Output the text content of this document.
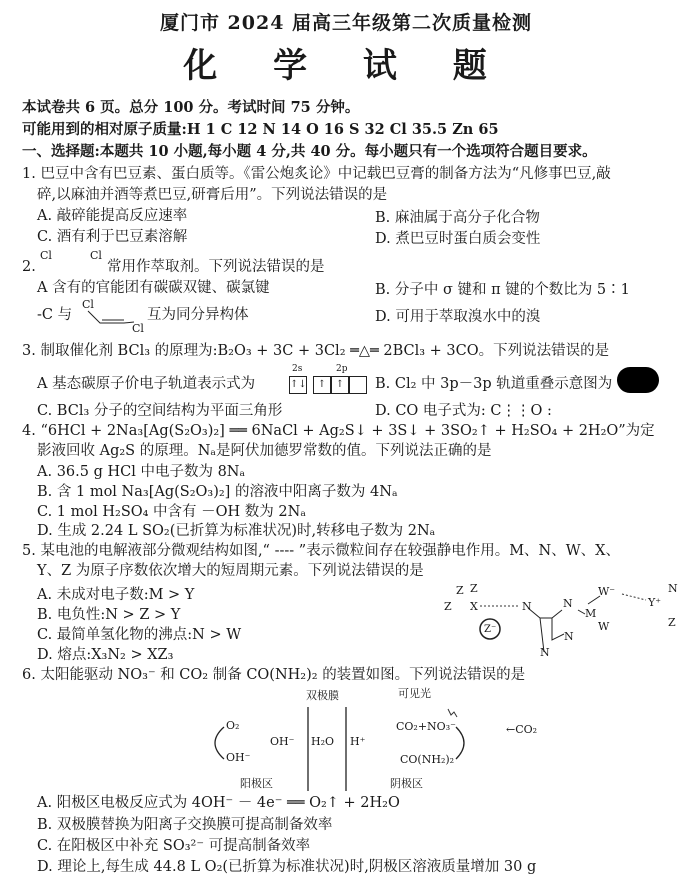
厦门市 2024 届高三年级第二次质量检测
化 学 试 题
本试卷共 6 页。总分 100 分。考试时间 75 分钟。
可能用到的相对原子质量:H 1 C 12 N 14 O 16 S 32 Cl 35.5 Zn 65
一、选择题:本题共 10 小题,每小题 4 分,共 40 分。每小题只有一个选项符合题目要求。
1. 巴豆中含有巴豆素、蛋白质等。《雷公炮炙论》中记载巴豆膏的制备方法为“凡修事巴豆,敲
碎,以麻油并酒等煮巴豆,研膏后用”。下列说法错误的是
A. 敲碎能提高反应速率	B. 麻油属于高分子化合物
C. 酒有利于巴豆素溶解	D. 煮巴豆时蛋白质会变性
2.
Cl	Cl
常用作萃取剂。下列说法错误的是
A 含有的官能团有碳碳双键、碳氯键	B. 分子中 σ 键和 π 键的个数比为 5∶1
-C 与
Cl
Cl
互为同分异构体	D. 可用于萃取溴水中的溴
3. 制取催化剂 BCl₃ 的原理为:B₂O₃ + 3C + 3Cl₂ ═△═ 2BCl₃ + 3CO。下列说法错误的是
A 基态碳原子价电子轨道表示式为
2s	2p
↑↓	↑ ↑	B. Cl₂ 中 3p－3p 轨道重叠示意图为
C. BCl₃ 分子的空间结构为平面三角形	D. CO 电子式为: C⋮⋮O :
4. “6HCl + 2Na₃[Ag(S₂O₃)₂] ══ 6NaCl + Ag₂S↓ + 3S↓ + 3SO₂↑ + H₂SO₄ + 2H₂O”为定
影液回收 Ag₂S 的原理。Nₐ是阿伏加德罗常数的值。下列说法正确的是
A. 36.5 g HCl 中电子数为 8Nₐ
B. 含 1 mol Na₃[Ag(S₂O₃)₂] 的溶液中阳离子数为 4Nₐ
C. 1 mol H₂SO₄ 中含有 －OH 数为 2Nₐ
D. 生成 2.24 L SO₂(已折算为标准状况)时,转移电子数为 2Nₐ
5. 某电池的电解液部分微观结构如图,“ ---- ”表示微粒间存在较强静电作用。M、N、W、X、
Y、Z 为原子序数依次增大的短周期元素。下列说法错误的是
A. 未成对电子数:M > Y
B. 电负性:N > Z > Y
C. 最简单氢化物的沸点:N > W
D. 熔点:X₃N₂ > XZ₃
Z Z
Z X
Z⁻
N	N
M
W
W⁻
N
N
Y⁺
N
Z
6. 太阳能驱动 NO₃⁻ 和 CO₂ 制备 CO(NH₂)₂ 的装置如图。下列说法错误的是
双极膜	可见光
←CO₂
O₂
OH⁻
OH⁻ H₂O H⁺
CO₂+NO₃⁻
CO(NH₂)₂
阳极区	阴极区
A. 阳极区电极反应式为 4OH⁻ － 4e⁻ ══ O₂↑ + 2H₂O
B. 双极膜替换为阳离子交换膜可提高制备效率
C. 在阳极区中补充 SO₃²⁻ 可提高制备效率
D. 理论上,每生成 44.8 L O₂(已折算为标准状况)时,阴极区溶液质量增加 30 g
